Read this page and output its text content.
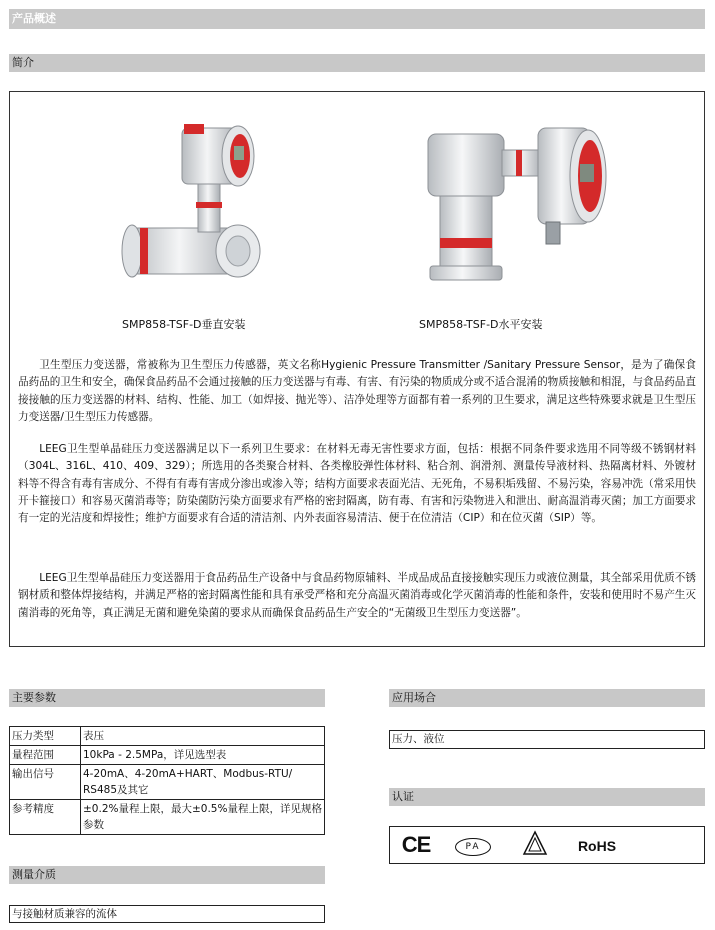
产品概述
简介
SMP858-TSF-D垂直安装	SMP858-TSF-D水平安装

卫生型压力变送器，常被称为卫生型压力传感器，英文名称Hygienic Pressure Transmitter /Sanitary Pressure Sensor，是为了确保食品药品的卫生和安全，确保食品药品不会通过接触的压力变送器与有毒、有害、有污染的物质成分或不适合混淆的物质接触和相混，与食品药品直接接触的压力变送器的材料、结构、性能、加工（如焊接、抛光等）、洁净处理等方面都有着一系列的卫生要求，满足这些特殊要求就是卫生型压力变送器/卫生型压力传感器。

LEEG卫生型单晶硅压力变送器满足以下一系列卫生要求：在材料无毒无害性要求方面，包括：根据不同条件要求选用不同等级不锈钢材料（304L、316L、410、409、329）；所选用的各类聚合材料、各类橡胶弹性体材料、粘合剂、润滑剂、测量传导液材料、热隔离材料、外镀材料等不得含有毒有害成分、不得有有毒有害成分渗出或渗入等；结构方面要求表面光洁、无死角，不易积垢残留、不易污染，容易冲洗（常采用快开卡箍接口）和容易灭菌消毒等；防染菌防污染方面要求有严格的密封隔离，防有毒、有害和污染物进入和泄出、耐高温消毒灭菌；加工方面要求有一定的光洁度和焊接性；维护方面要求有合适的清洁剂、内外表面容易清洁、便于在位清洁（CIP）和在位灭菌（SIP）等。

LEEG卫生型单晶硅压力变送器用于食品药品生产设备中与食品药物原辅料、半成品成品直接接触实现压力或液位测量，其全部采用优质不锈钢材质和整体焊接结构，并满足严格的密封隔离性能和具有承受严格和充分高温灭菌消毒或化学灭菌消毒的性能和条件，安装和使用时不易产生灭菌消毒的死角等，真正满足无菌和避免染菌的要求从而确保食品药品生产安全的“无菌级卫生型压力变送器”。

主要参数
压力类型	表压
量程范围	10kPa - 2.5MPa，详见选型表
输出信号	4-20mA、4-20mA+HART、Modbus-RTU/ RS485及其它
参考精度	±0.2%量程上限，最大±0.5%量程上限，详见规格参数
测量介质
与接触材质兼容的流体
应用场合
压力、液位
认证
CE	PA	RoHS
